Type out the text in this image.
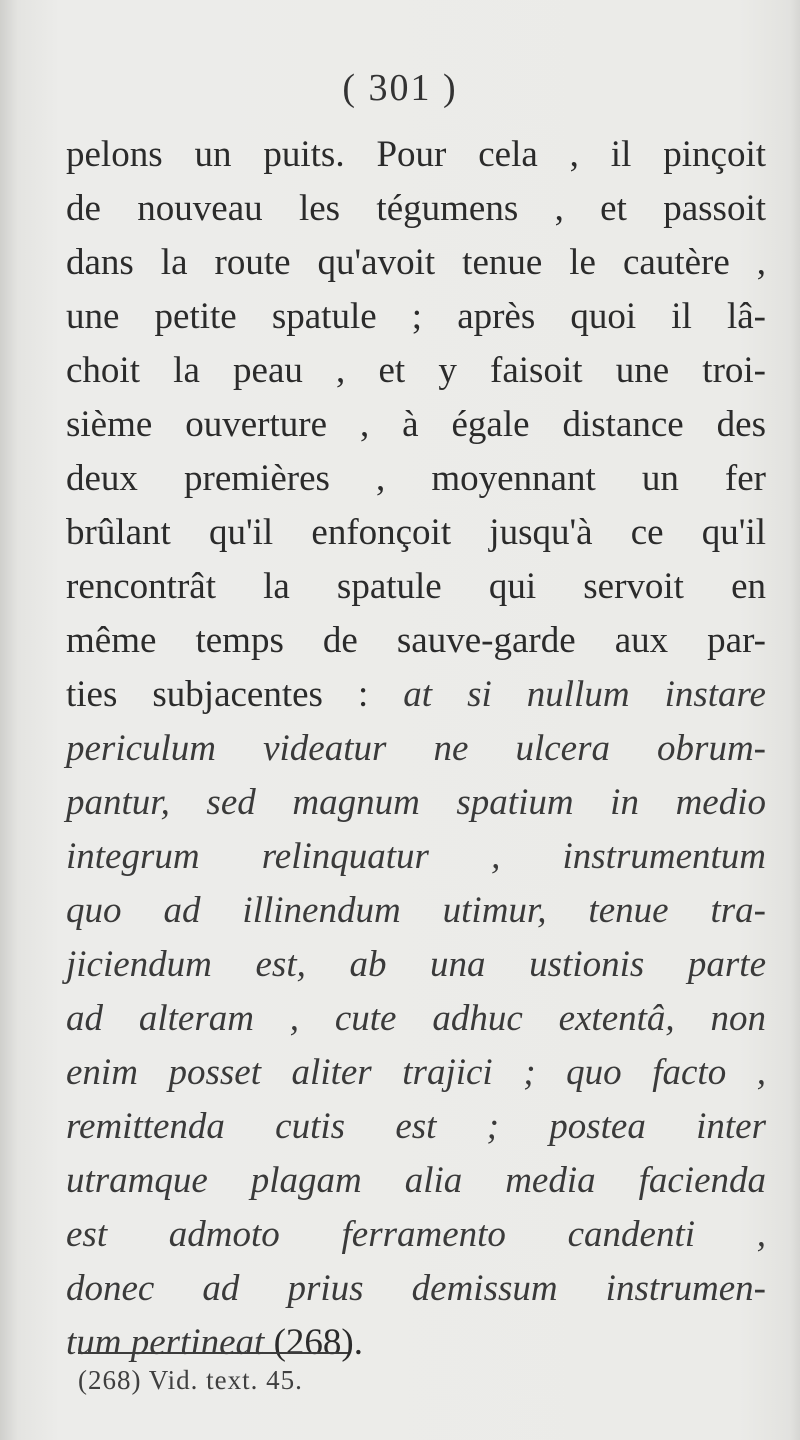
( 301 )
pelons un puits. Pour cela , il pinçoit
de nouveau les tégumens , et passoit
dans la route qu'avoit tenue le cautère ,
une petite spatule ; après quoi il lâ-
choit la peau , et y faisoit une troi-
sième ouverture , à égale distance des
deux premières , moyennant un fer
brûlant qu'il enfonçoit jusqu'à ce qu'il
rencontrât la spatule qui servoit en
même temps de sauve-garde aux par-
ties subjacentes : at si nullum instare
periculum videatur ne ulcera obrum-
pantur, sed magnum spatium in medio
integrum relinquatur , instrumentum
quo ad illinendum utimur, tenue tra-
jiciendum est, ab una ustionis parte
ad alteram , cute adhuc extentâ, non
enim posset aliter trajici ; quo facto ,
remittenda cutis est ; postea inter
utramque plagam alia media facienda
est admoto ferramento candenti ,
donec ad prius demissum instrumen-
tum pertineat (268).
(268) Vid. text. 45.
